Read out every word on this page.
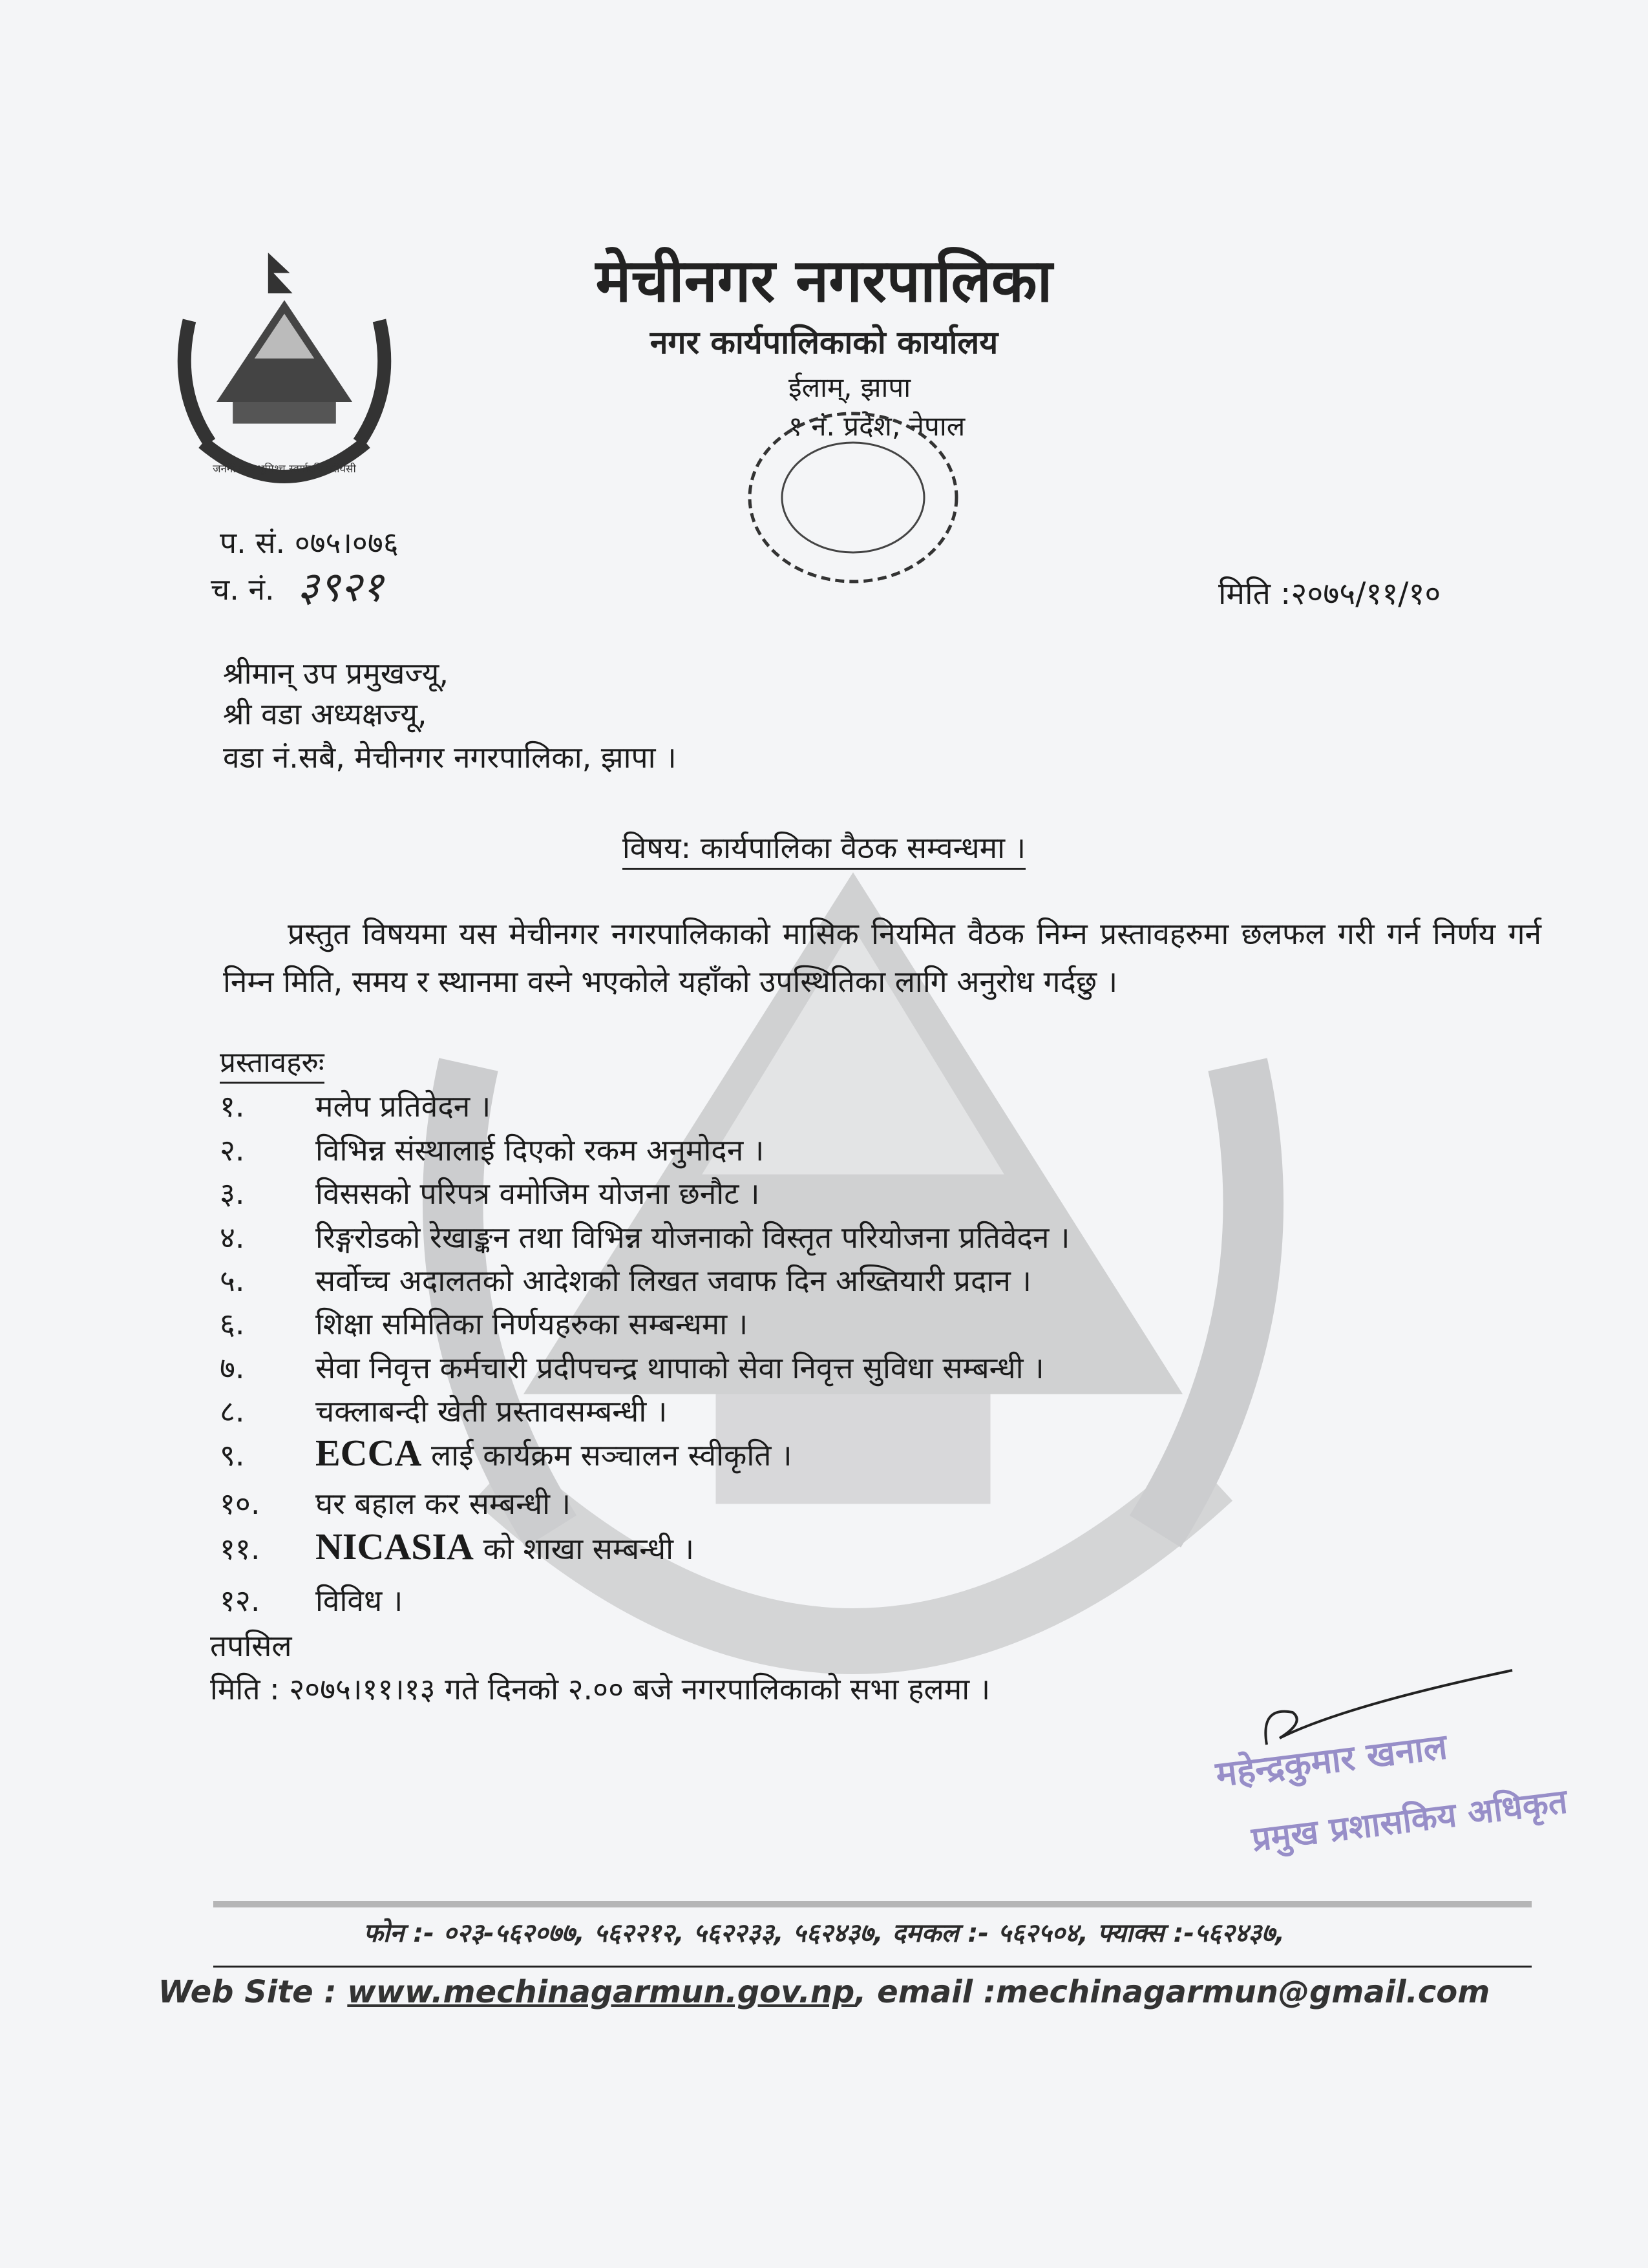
जननी जन्मभूमिश्च स्वर्गादपि गरीयसी
मेचीनगर नगरपालिका
नगर कार्यपालिकाको कार्यालय
ईलाम्, झापा
१ नं. प्रदेश, नेपाल
प. सं. ०७५।०७६
च. नं. ३९२१	मिति :२०७५/११/१०
श्रीमान् उप प्रमुखज्यू,
श्री वडा अध्यक्षज्यू,
वडा नं.सबै, मेचीनगर नगरपालिका, झापा ।
विषय: कार्यपालिका वैठक सम्वन्धमा ।
प्रस्तुत विषयमा यस मेचीनगर नगरपालिकाको मासिक नियमित वैठक निम्न प्रस्तावहरुमा छलफल गरी गर्न निर्णय गर्न निम्न मिति, समय र स्थानमा वस्ने भएकोले यहाँको उपस्थितिका लागि अनुरोध गर्दछु ।
प्रस्तावहरुः
१. मलेप प्रतिवेदन ।
२. विभिन्न संस्थालाई दिएको रकम अनुमोदन ।
३. विससको परिपत्र वमोजिम योजना छनौट ।
४. रिङ्गरोडको रेखाङ्कन तथा विभिन्न योजनाको विस्तृत परियोजना प्रतिवेदन ।
५. सर्वोच्च अदालतको आदेशको लिखत जवाफ दिन अख्तियारी प्रदान ।
६. शिक्षा समितिका निर्णयहरुका सम्बन्धमा ।
७. सेवा निवृत्त कर्मचारी प्रदीपचन्द्र थापाको सेवा निवृत्त सुविधा सम्बन्धी ।
८. चक्लाबन्दी खेती प्रस्तावसम्बन्धी ।
९. ECCA लाई कार्यक्रम सञ्चालन स्वीकृति ।
१०. घर बहाल कर सम्बन्धी ।
११. NICASIA को शाखा सम्बन्धी ।
१२. विविध ।
तपसिल
मिति : २०७५।११।१३ गते दिनको २.०० बजे नगरपालिकाको सभा हलमा ।
महेन्द्रकुमार खनाल
प्रमुख प्रशासकिय अधिकृत
फोन :- ०२३-५६२०७७, ५६२२१२, ५६२२३३, ५६२४३७, दमकल :- ५६२५०४, फ्याक्स :-५६२४३७,
Web Site : www.mechinagarmun.gov.np, email :mechinagarmun@gmail.com
